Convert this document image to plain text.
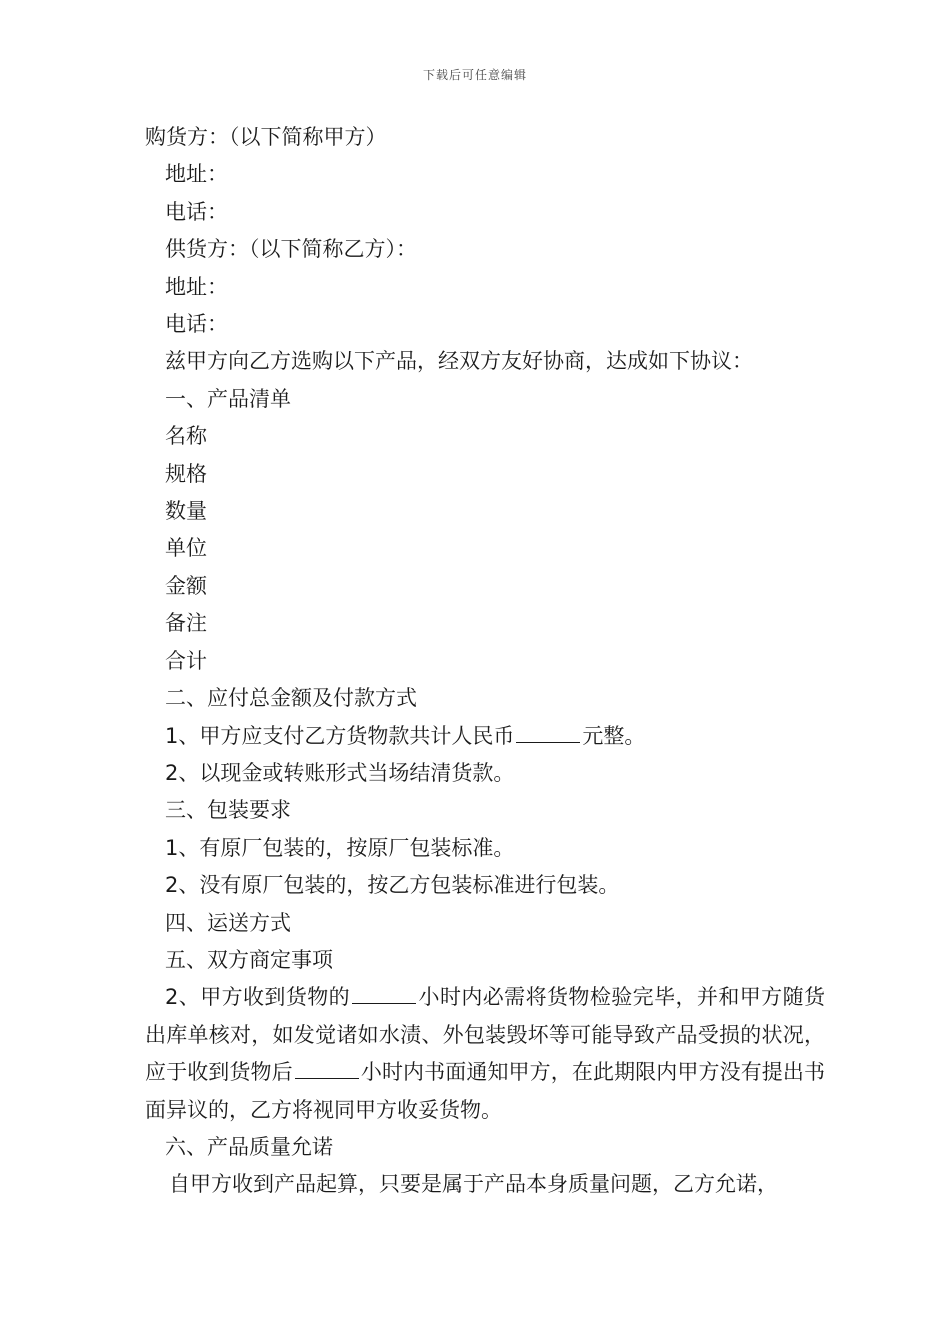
下载后可任意编辑
购货方：（以下简称甲方）
地址：
电话：
供货方：（以下简称乙方）：
地址：
电话：
兹甲方向乙方选购以下产品，经双方友好协商，达成如下协议：
一、产品清单
名称
规格
数量
单位
金额
备注
合计
二、应付总金额及付款方式
1、甲方应支付乙方货物款共计人民币	元整。
2、以现金或转账形式当场结清货款。
三、包装要求
1、有原厂包装的，按原厂包装标准。
2、没有原厂包装的，按乙方包装标准进行包装。
四、运送方式
五、双方商定事项
2、甲方收到货物的	小时内必需将货物检验完毕，并和甲方随货出库单核对，如发觉诸如水渍、外包装毁坏等可能导致产品受损的状况，应于收到货物后	小时内书面通知甲方，在此期限内甲方没有提出书面异议的，乙方将视同甲方收妥货物。
六、产品质量允诺
自甲方收到产品起算，只要是属于产品本身质量问题，乙方允诺，
